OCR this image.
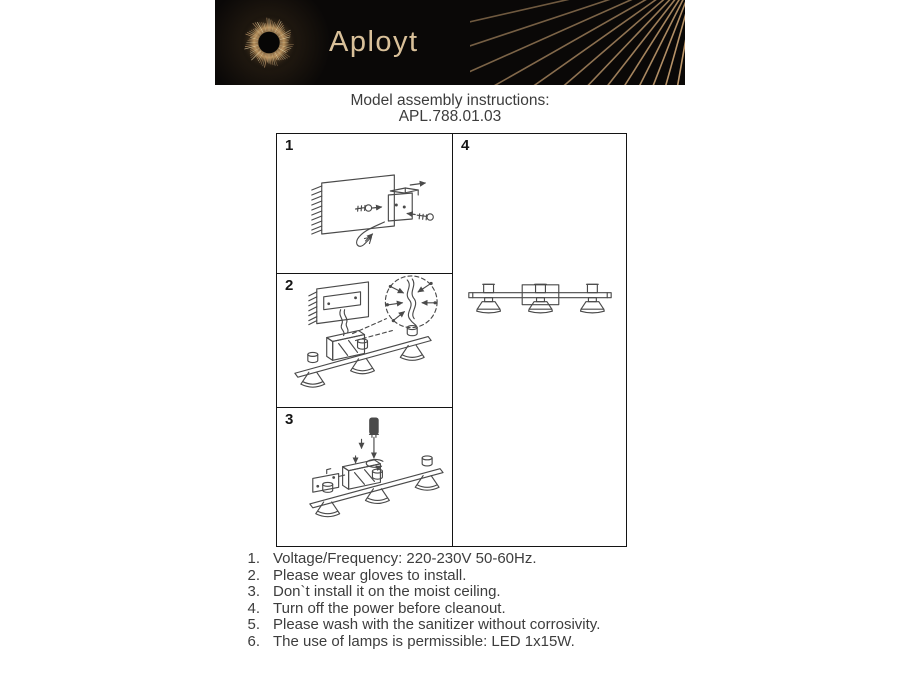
Aployt
Model assembly instructions:
APL.788.01.03
1
2
3
4
1. Voltage/Frequency: 220-230V 50-60Hz.
2. Please wear gloves to install.
3. Don`t install it on the moist ceiling.
4. Turn off the power before cleanout.
5. Please wash with the sanitizer without corrosivity.
6. The use of lamps is permissible: LED 1x15W.
